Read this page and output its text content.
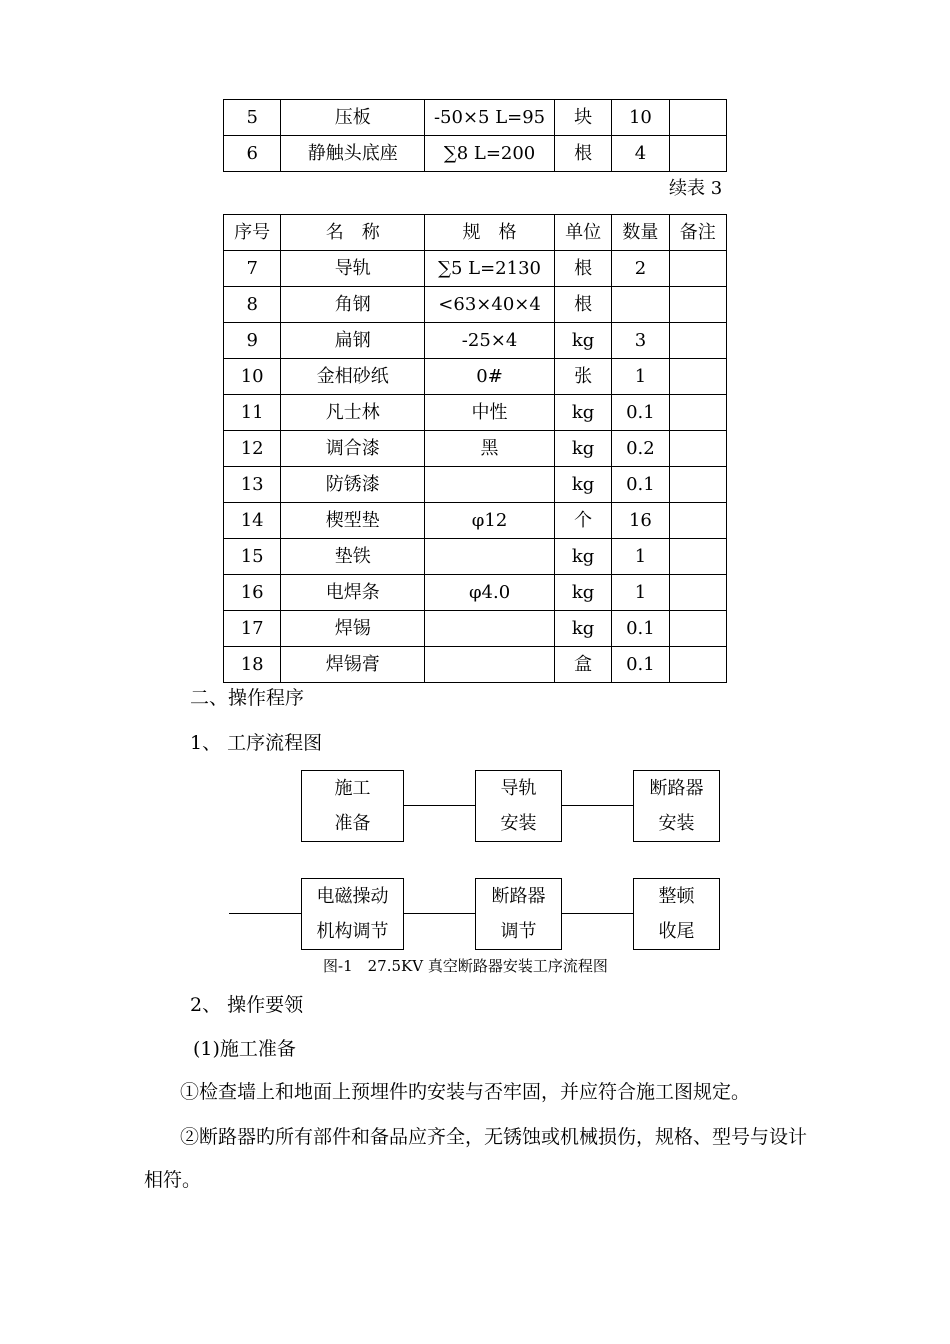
5	压板	-50×5 L=95	块	10	
6	静触头底座	∑8 L=200	根	4	
续表 3
序号	名　称	规　格	单位	数量	备注
7	导轨	∑5 L=2130	根	2	
8	角钢	<63×40×4	根		
9	扁钢	-25×4	kg	3	
10	金相砂纸	0#	张	1	
11	凡士林	中性	kg	0.1	
12	调合漆	黑	kg	0.2	
13	防锈漆		kg	0.1	
14	楔型垫	φ12	个	16	
15	垫铁		kg	1	
16	电焊条	φ4.0	kg	1	
17	焊锡		kg	0.1	
18	焊锡膏		盒	0.1	
二、操作程序
1、 工序流程图
施工
准备
导轨
安装
断路器
安装
电磁操动
机构调节
断路器
调节
整顿
收尾
图-1　27.5KV 真空断路器安装工序流程图
2、 操作要领
(1)施工准备
①检查墙上和地面上预埋件旳安装与否牢固，并应符合施工图规定。
②断路器旳所有部件和备品应齐全，无锈蚀或机械损伤，规格、型号与设计
相符。
